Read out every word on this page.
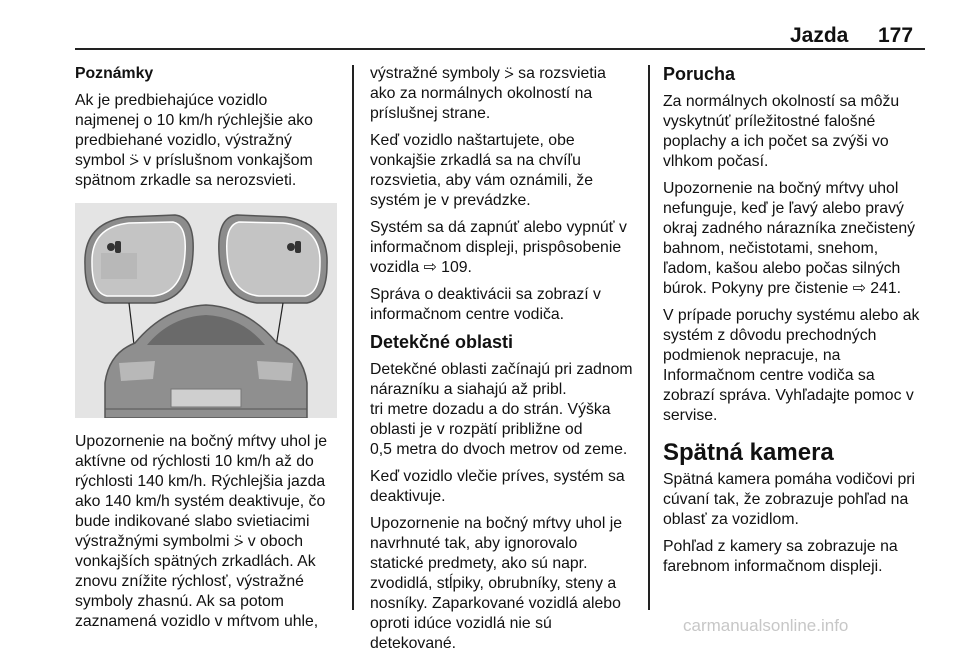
Jazda 177

Poznámky

Ak je predbiehajúce vozidlo
najmenej o 10 km/h rýchlejšie ako
predbiehané vozidlo, výstražný
symbol ⍩ v príslušnom vonkajšom
spätnom zrkadle sa nerozsvieti.

Upozornenie na bočný mŕtvy uhol je
aktívne od rýchlosti 10 km/h až do
rýchlosti 140 km/h. Rýchlejšia jazda
ako 140 km/h systém deaktivuje, čo
bude indikované slabo svietiacimi
výstražnými symbolmi ⍩ v oboch
vonkajších spätných zrkadlách. Ak
znovu znížite rýchlosť, výstražné
symboly zhasnú. Ak sa potom
zaznamená vozidlo v mŕtvom uhle,

výstražné symboly ⍩ sa rozsvietia
ako za normálnych okolností na
príslušnej strane.

Keď vozidlo naštartujete, obe
vonkajšie zrkadlá sa na chvíľu
rozsvietia, aby vám oznámili, že
systém je v prevádzke.

Systém sa dá zapnúť alebo vypnúť v
informačnom displeji, prispôsobenie
vozidla ⇨ 109.

Správa o deaktivácii sa zobrazí v
informačnom centre vodiča.

Detekčné oblasti

Detekčné oblasti začínajú pri zadnom
nárazníku a siahajú až pribl.
tri metre dozadu a do strán. Výška
oblasti je v rozpätí približne od
0,5 metra do dvoch metrov od zeme.

Keď vozidlo vlečie príves, systém sa
deaktivuje.

Upozornenie na bočný mŕtvy uhol je
navrhnuté tak, aby ignorovalo
statické predmety, ako sú napr.
zvodidlá, stĺpiky, obrubníky, steny a
nosníky. Zaparkované vozidlá alebo
oproti idúce vozidlá nie sú
detekované.

Porucha

Za normálnych okolností sa môžu
vyskytnúť príležitostné falošné
poplachy a ich počet sa zvýši vo
vlhkom počasí.

Upozornenie na bočný mŕtvy uhol
nefunguje, keď je ľavý alebo pravý
okraj zadného nárazníka znečistený
bahnom, nečistotami, snehom,
ľadom, kašou alebo počas silných
búrok. Pokyny pre čistenie ⇨ 241.

V prípade poruchy systému alebo ak
systém z dôvodu prechodných
podmienok nepracuje, na
Informačnom centre vodiča sa
zobrazí správa. Vyhľadajte pomoc v
servise.

Spätná kamera

Spätná kamera pomáha vodičovi pri
cúvaní tak, že zobrazuje pohľad na
oblasť za vozidlom.

Pohľad z kamery sa zobrazuje na
farebnom informačnom displeji.

carmanualsonline.info
